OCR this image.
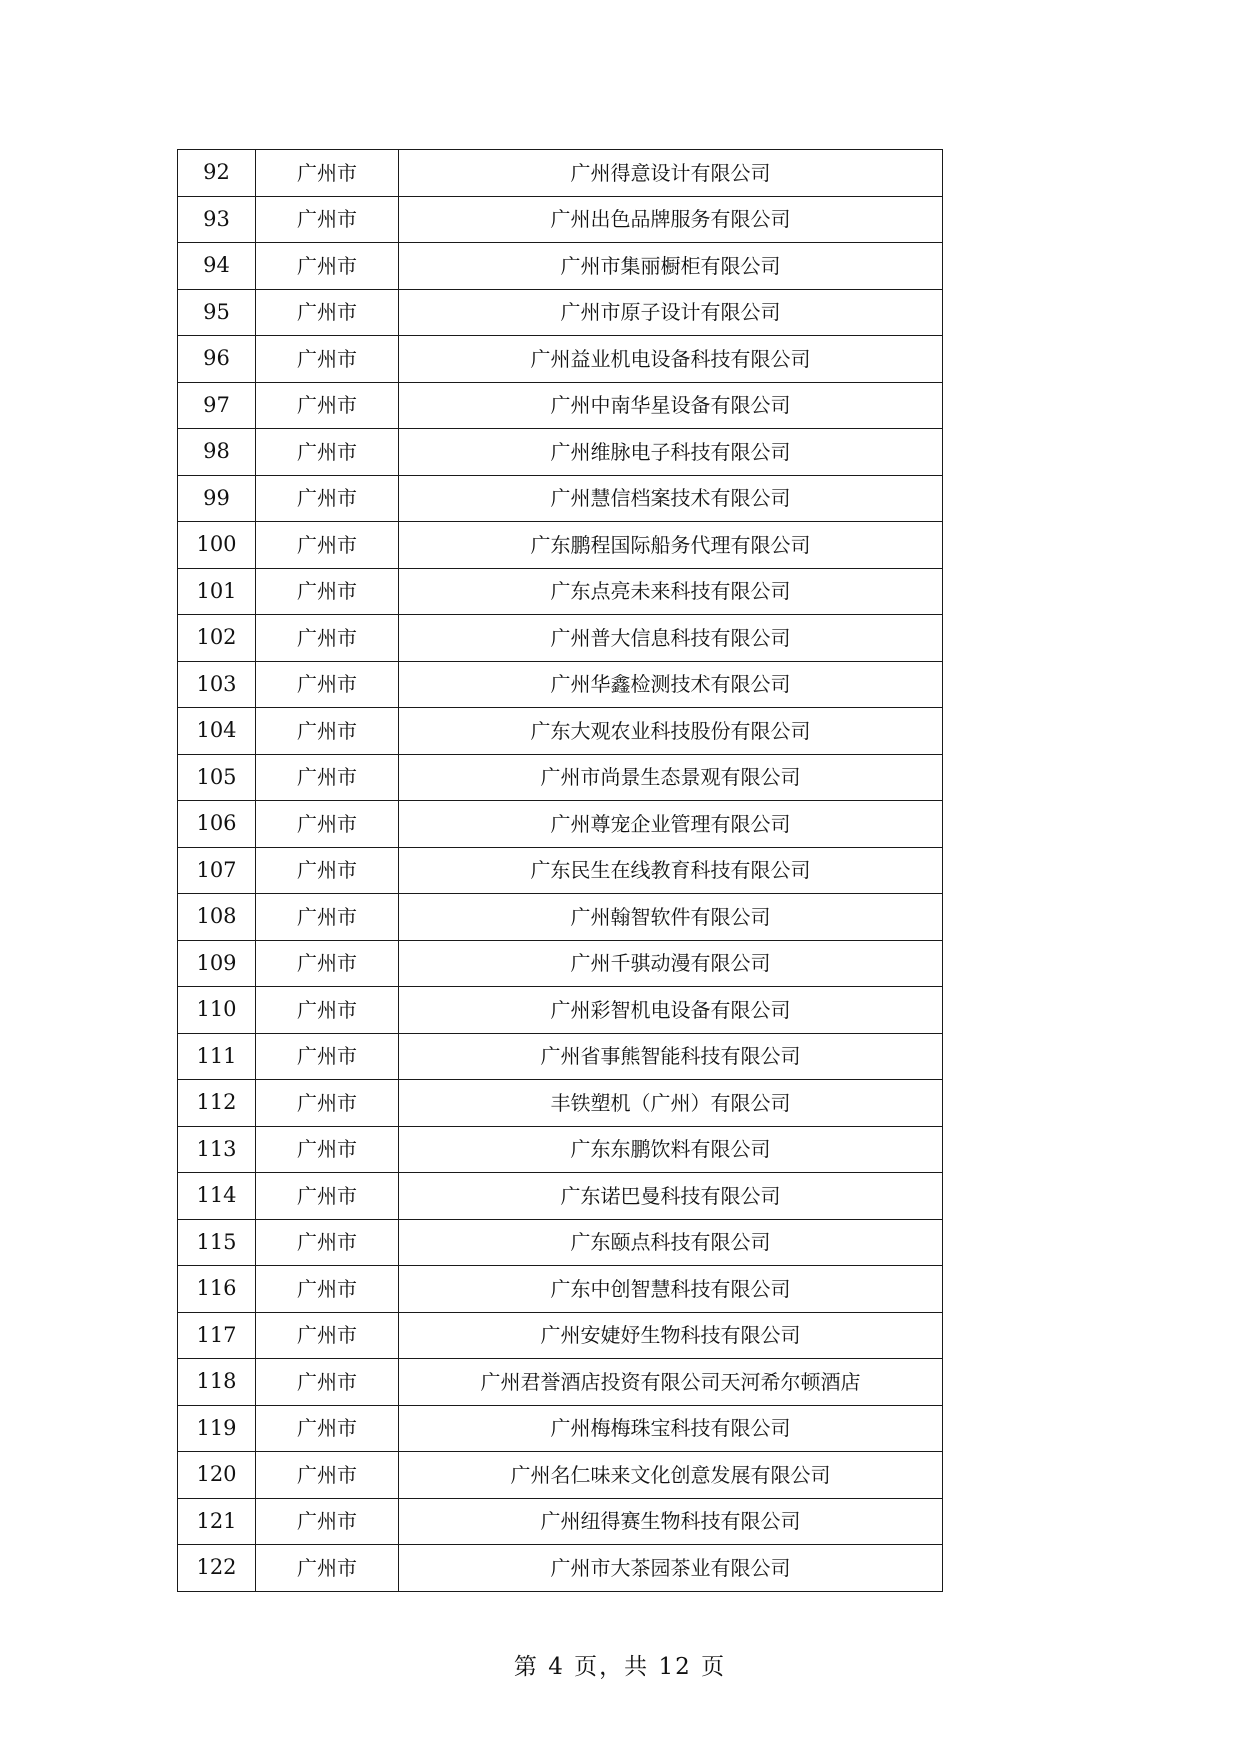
92	广州市	广州得意设计有限公司
93	广州市	广州出色品牌服务有限公司
94	广州市	广州市集丽橱柜有限公司
95	广州市	广州市原子设计有限公司
96	广州市	广州益业机电设备科技有限公司
97	广州市	广州中南华星设备有限公司
98	广州市	广州维脉电子科技有限公司
99	广州市	广州慧信档案技术有限公司
100	广州市	广东鹏程国际船务代理有限公司
101	广州市	广东点亮未来科技有限公司
102	广州市	广州普大信息科技有限公司
103	广州市	广州华鑫检测技术有限公司
104	广州市	广东大观农业科技股份有限公司
105	广州市	广州市尚景生态景观有限公司
106	广州市	广州尊宠企业管理有限公司
107	广州市	广东民生在线教育科技有限公司
108	广州市	广州翰智软件有限公司
109	广州市	广州千骐动漫有限公司
110	广州市	广州彩智机电设备有限公司
111	广州市	广州省事熊智能科技有限公司
112	广州市	丰铁塑机（广州）有限公司
113	广州市	广东东鹏饮料有限公司
114	广州市	广东诺巴曼科技有限公司
115	广州市	广东颐点科技有限公司
116	广州市	广东中创智慧科技有限公司
117	广州市	广州安婕妤生物科技有限公司
118	广州市	广州君誉酒店投资有限公司天河希尔顿酒店
119	广州市	广州梅梅珠宝科技有限公司
120	广州市	广州名仁味来文化创意发展有限公司
121	广州市	广州纽得赛生物科技有限公司
122	广州市	广州市大茶园茶业有限公司
第 4 页，共 12 页
